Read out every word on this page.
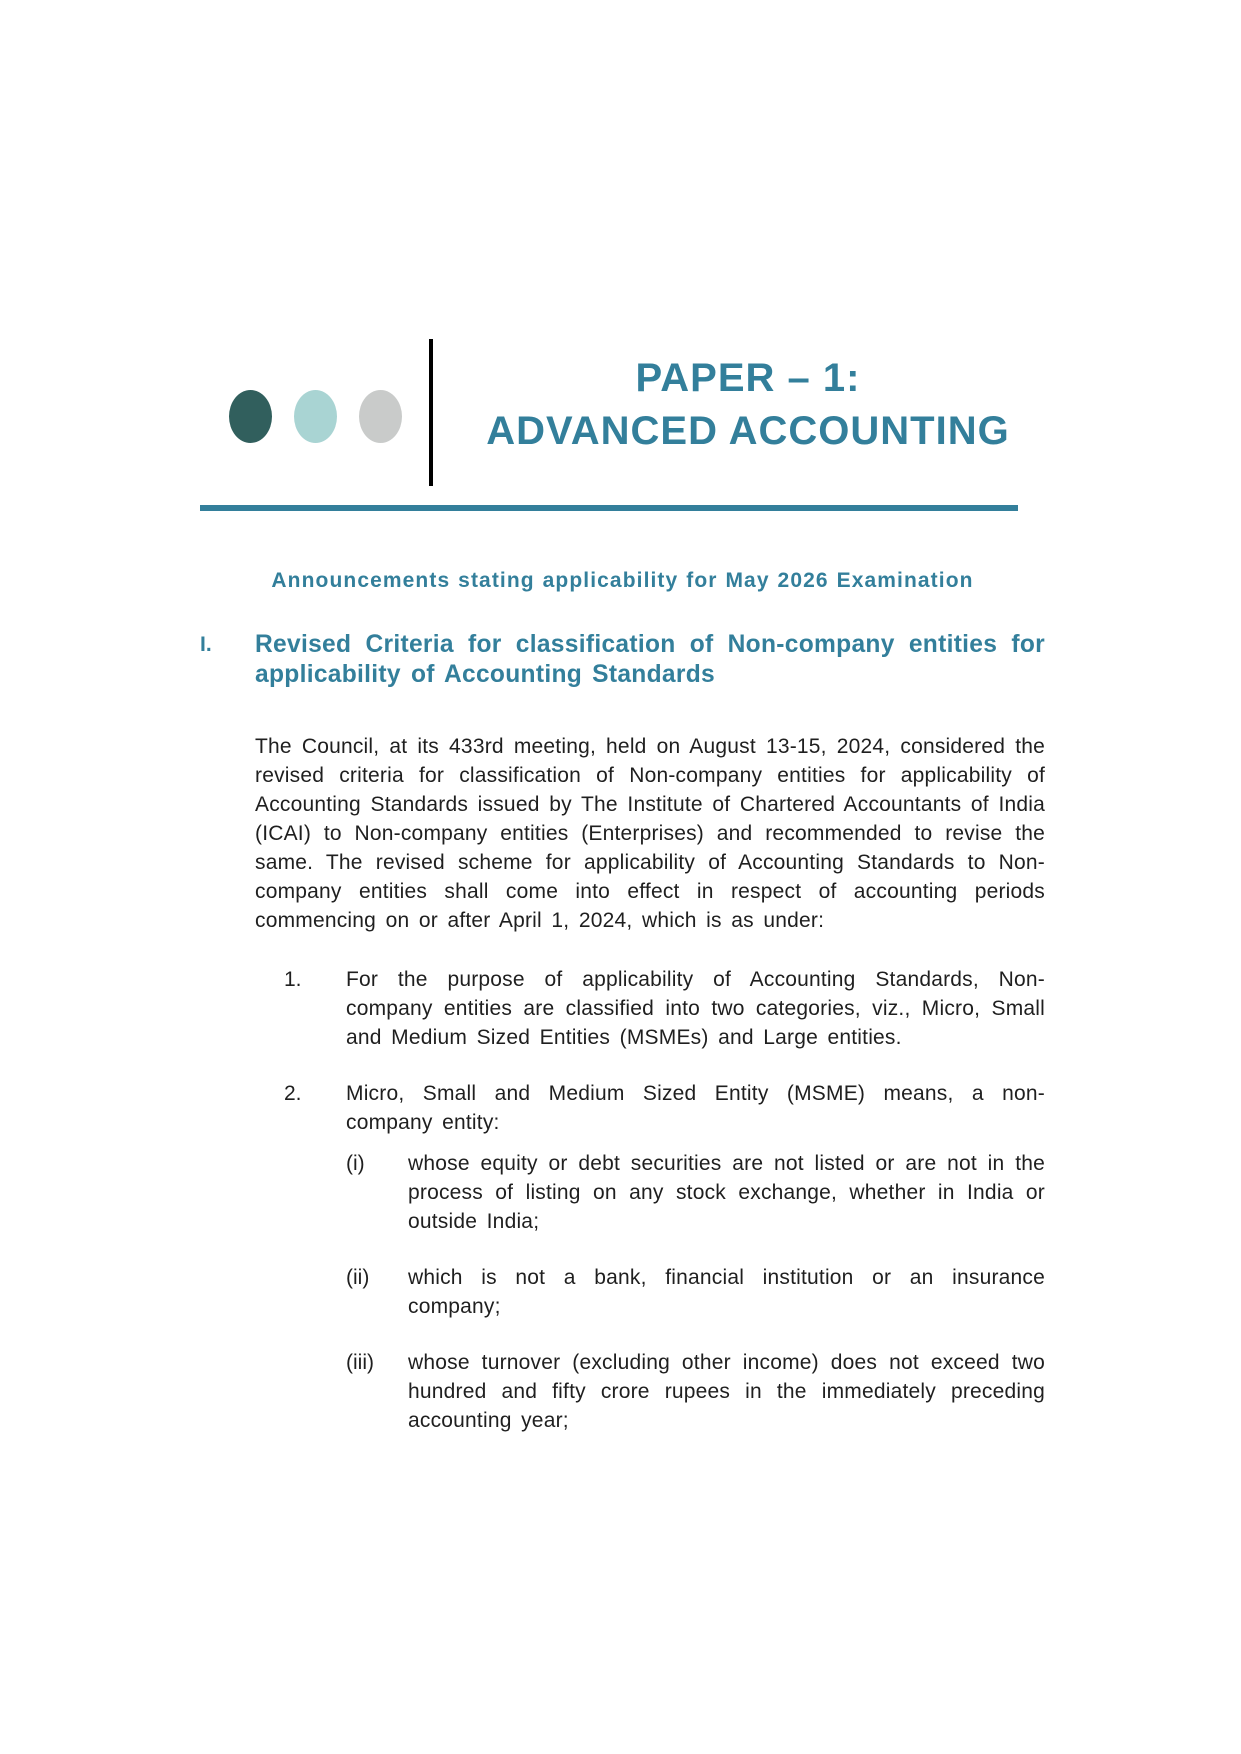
PAPER – 1:
ADVANCED ACCOUNTING
Announcements stating applicability for May 2026 Examination
I.	Revised Criteria for classification of Non-company entities for applicability of Accounting Standards

The Council, at its 433rd meeting, held on August 13-15, 2024, considered the revised criteria for classification of Non-company entities for applicability of Accounting Standards issued by The Institute of Chartered Accountants of India (ICAI) to Non-company entities (Enterprises) and recommended to revise the same. The revised scheme for applicability of Accounting Standards to Non-company entities shall come into effect in respect of accounting periods commencing on or after April 1, 2024, which is as under:

1.	For the purpose of applicability of Accounting Standards, Non-company entities are classified into two categories, viz., Micro, Small and Medium Sized Entities (MSMEs) and Large entities.

2.	Micro, Small and Medium Sized Entity (MSME) means, a non-company entity:

(i)	whose equity or debt securities are not listed or are not in the process of listing on any stock exchange, whether in India or outside India;

(ii)	which is not a bank, financial institution or an insurance company;

(iii)	whose turnover (excluding other income) does not exceed two hundred and fifty crore rupees in the immediately preceding accounting year;
